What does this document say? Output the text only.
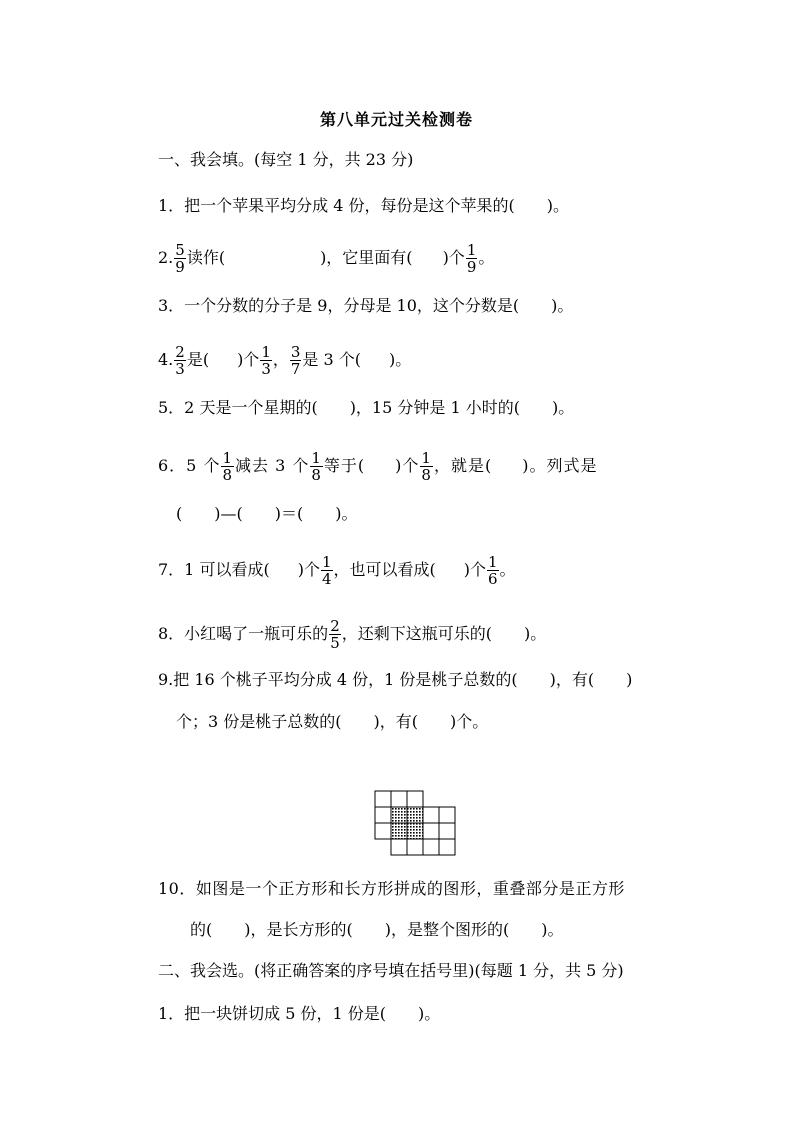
第八单元过关检测卷
一、我会填。(每空 1 分，共 23 分)
1．把一个苹果平均分成 4 份，每份是这个苹果的(　　)。
2. $\frac{5}{9}$ 读作(	)，它里面有( )个 $\frac{1}{9}$ 。
3．一个分数的分子是 9，分母是 10，这个分数是(　　)。
4. $\frac{2}{3}$ 是( )个 $\frac{1}{3}$ ， $\frac{3}{7}$ 是 3 个( )。
5．2 天是一个星期的(　　)，15 分钟是 1 小时的(　　)。
6．5 个 $\frac{1}{8}$ 减去 3 个 $\frac{1}{8}$ 等于( )个 $\frac{1}{8}$ ，就是( )。列式是
(　　)—(　　)＝(　　)。
7．1 可以看成( )个 $\frac{1}{4}$ ，也可以看成( )个 $\frac{1}{6}$ 。
8．小红喝了一瓶可乐的 $\frac{2}{5}$ ，还剩下这瓶可乐的(　　)。
9.把 16 个桃子平均分成 4 份，1 份是桃子总数的(　　)，有(　　)
个；3 份是桃子总数的(　　)，有(　　)个。
10．如图是一个正方形和长方形拼成的图形，重叠部分是正方形
的(　　)，是长方形的(　　)，是整个图形的(　　)。
二、我会选。(将正确答案的序号填在括号里)(每题 1 分，共 5 分)
1．把一块饼切成 5 份，1 份是(　　)。
